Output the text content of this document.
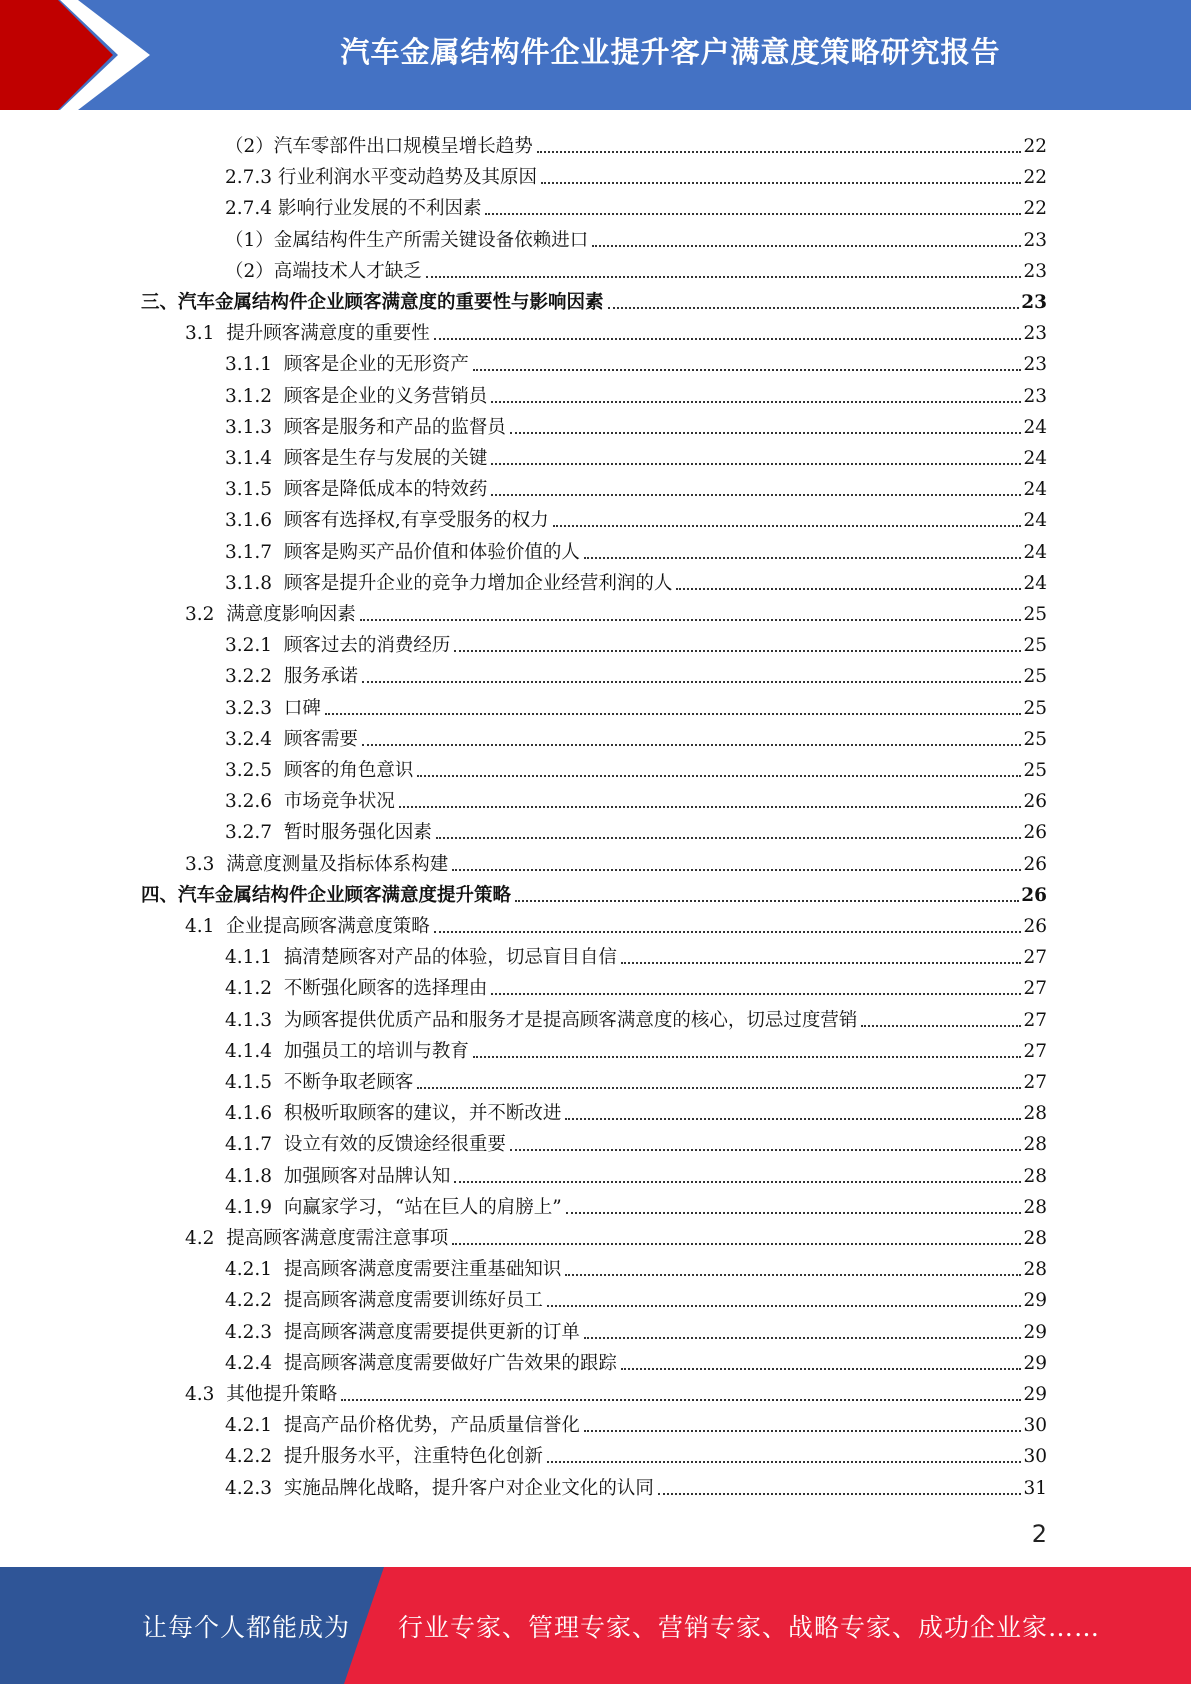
汽车金属结构件企业提升客户满意度策略研究报告
（2） 汽车零部件出口规模呈增长趋势	22
2.7.3 行业利润水平变动趋势及其原因	22
2.7.4 影响行业发展的不利因素	22
（1） 金属结构件生产所需关键设备依赖进口	23
（2） 高端技术人才缺乏	23
三、汽车金属结构件企业顾客满意度的重要性与影响因素	23
3.1 提升顾客满意度的重要性	23
3.1.1 顾客是企业的无形资产	23
3.1.2 顾客是企业的义务营销员	23
3.1.3 顾客是服务和产品的监督员	24
3.1.4 顾客是生存与发展的关键	24
3.1.5 顾客是降低成本的特效药	24
3.1.6 顾客有选择权,有享受服务的权力	24
3.1.7 顾客是购买产品价值和体验价值的人	24
3.1.8 顾客是提升企业的竞争力增加企业经营利润的人	24
3.2 满意度影响因素	25
3.2.1 顾客过去的消费经历	25
3.2.2 服务承诺	25
3.2.3 口碑	25
3.2.4 顾客需要	25
3.2.5 顾客的角色意识	25
3.2.6 市场竞争状况	26
3.2.7 暂时服务强化因素	26
3.3 满意度测量及指标体系构建	26
四、汽车金属结构件企业顾客满意度提升策略	26
4.1 企业提高顾客满意度策略	26
4.1.1 搞清楚顾客对产品的体验，切忌盲目自信	27
4.1.2 不断强化顾客的选择理由	27
4.1.3 为顾客提供优质产品和服务才是提高顾客满意度的核心，切忌过度营销	27
4.1.4 加强员工的培训与教育	27
4.1.5 不断争取老顾客	27
4.1.6 积极听取顾客的建议，并不断改进	28
4.1.7 设立有效的反馈途经很重要	28
4.1.8 加强顾客对品牌认知	28
4.1.9 向赢家学习，“站在巨人的肩膀上”	28
4.2 提高顾客满意度需注意事项	28
4.2.1 提高顾客满意度需要注重基础知识	28
4.2.2 提高顾客满意度需要训练好员工	29
4.2.3 提高顾客满意度需要提供更新的订单	29
4.2.4 提高顾客满意度需要做好广告效果的跟踪	29
4.3 其他提升策略	29
4.2.1 提高产品价格优势，产品质量信誉化	30
4.2.2 提升服务水平，注重特色化创新	30
4.2.3 实施品牌化战略，提升客户对企业文化的认同	31
2
让每个人都能成为 行业专家、管理专家、营销专家、战略专家、成功企业家……
